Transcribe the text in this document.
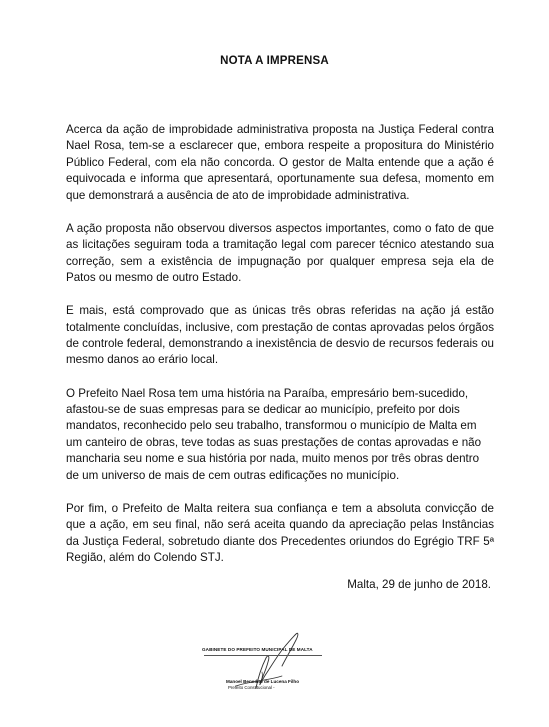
NOTA A IMPRENSA

Acerca da ação de improbidade administrativa proposta na Justiça Federal contra Nael Rosa, tem-se a esclarecer que, embora respeite a propositura do Ministério Público Federal, com ela não concorda. O gestor de Malta entende que a ação é equivocada e informa que apresentará, oportunamente sua defesa, momento em que demonstrará a ausência de ato de improbidade administrativa.

A ação proposta não observou diversos aspectos importantes, como o fato de que as licitações seguiram toda a tramitação legal com parecer técnico atestando sua correção, sem a existência de impugnação por qualquer empresa seja ela de Patos ou mesmo de outro Estado.

E mais, está comprovado que as únicas três obras referidas na ação já estão totalmente concluídas, inclusive, com prestação de contas aprovadas pelos órgãos de controle federal, demonstrando a inexistência de desvio de recursos federais ou mesmo danos ao erário local.

O Prefeito Nael Rosa tem uma história na Paraíba, empresário bem-sucedido, afastou-se de suas empresas para se dedicar ao município, prefeito por dois mandatos, reconhecido pelo seu trabalho, transformou o município de Malta em um canteiro de obras, teve todas as suas prestações de contas aprovadas e não mancharia seu nome e sua história por nada, muito menos por três obras dentro de um universo de mais de cem outras edificações no município.

Por fim, o Prefeito de Malta reitera sua confiança e tem a absoluta convicção de que a ação, em seu final, não será aceita quando da apreciação pelas Instâncias da Justiça Federal, sobretudo diante dos Precedentes oriundos do Egrégio TRF 5ª Região, além do Colendo STJ.

Malta, 29 de junho de 2018.
GABINETE DO PREFEITO MUNICIPAL DE MALTA
Manoel Benedito de Lucena Filho
Prefeito Constitucional -
